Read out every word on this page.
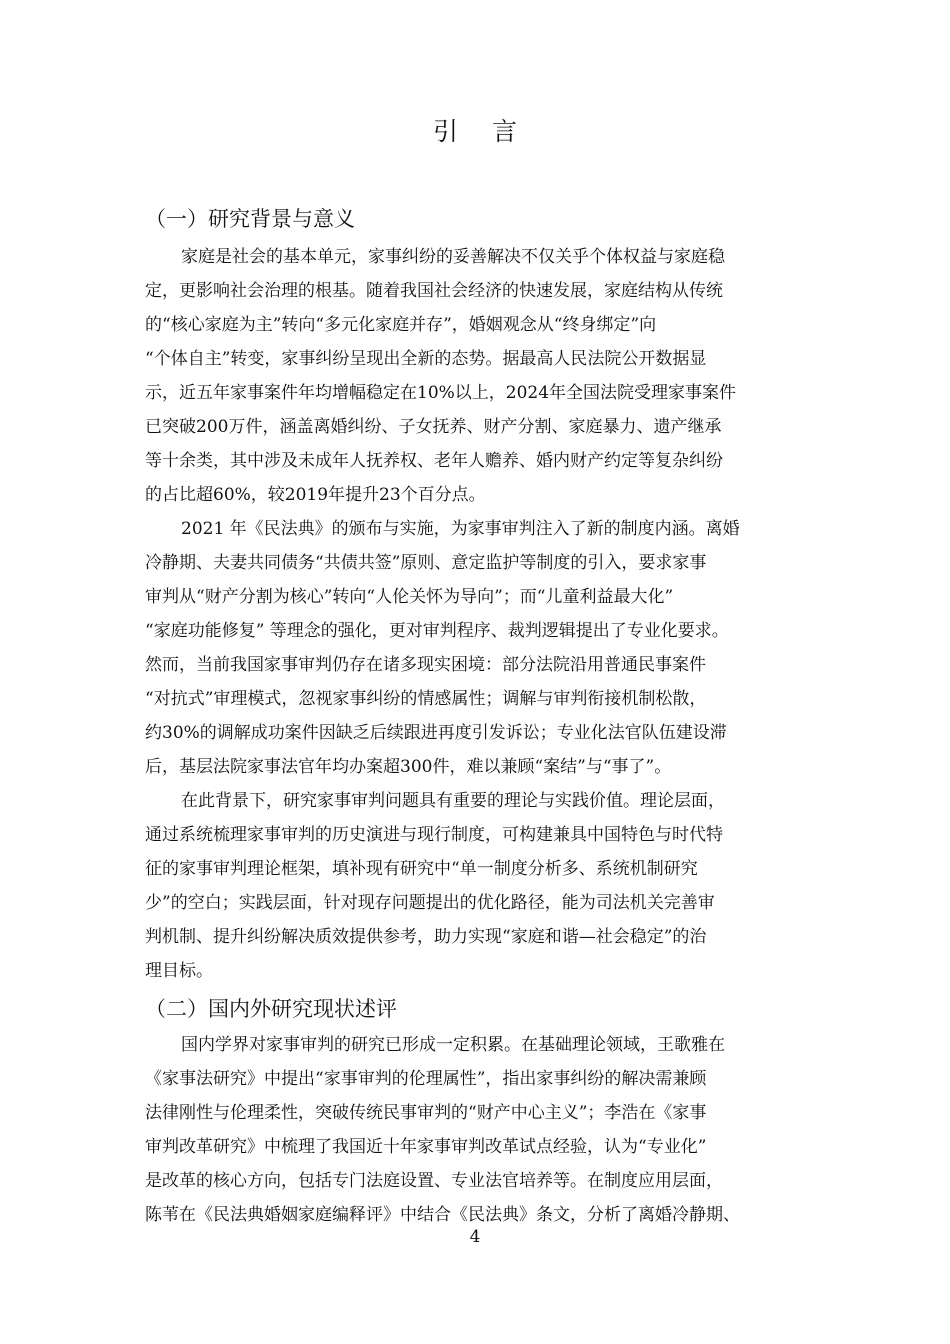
引言
（一）研究背景与意义
家庭是社会的基本单元，家事纠纷的妥善解决不仅关乎个体权益与家庭稳
定，更影响社会治理的根基。随着我国社会经济的快速发展，家庭结构从传统
的“核心家庭为主”转向“多元化家庭并存”，婚姻观念从“终身绑定”向
“个体自主”转变，家事纠纷呈现出全新的态势。据最高人民法院公开数据显
示，近五年家事案件年均增幅稳定在10%以上，2024年全国法院受理家事案件
已突破200万件，涵盖离婚纠纷、子女抚养、财产分割、家庭暴力、遗产继承
等十余类，其中涉及未成年人抚养权、老年人赡养、婚内财产约定等复杂纠纷
的占比超60%，较2019年提升23个百分点。
2021 年《民法典》的颁布与实施，为家事审判注入了新的制度内涵。离婚
冷静期、夫妻共同债务“共债共签”原则、意定监护等制度的引入，要求家事
审判从“财产分割为核心”转向“人伦关怀为导向”；而“儿童利益最大化”
“家庭功能修复” 等理念的强化，更对审判程序、裁判逻辑提出了专业化要求。
然而，当前我国家事审判仍存在诸多现实困境：部分法院沿用普通民事案件
“对抗式”审理模式，忽视家事纠纷的情感属性；调解与审判衔接机制松散，
约30%的调解成功案件因缺乏后续跟进再度引发诉讼；专业化法官队伍建设滞
后，基层法院家事法官年均办案超300件，难以兼顾“案结”与“事了”。
在此背景下，研究家事审判问题具有重要的理论与实践价值。理论层面，
通过系统梳理家事审判的历史演进与现行制度，可构建兼具中国特色与时代特
征的家事审判理论框架，填补现有研究中“单一制度分析多、系统机制研究
少”的空白；实践层面，针对现存问题提出的优化路径，能为司法机关完善审
判机制、提升纠纷解决质效提供参考，助力实现“家庭和谐—社会稳定”的治
理目标。
（二）国内外研究现状述评
国内学界对家事审判的研究已形成一定积累。在基础理论领域，王歌雅在
《家事法研究》中提出“家事审判的伦理属性”，指出家事纠纷的解决需兼顾
法律刚性与伦理柔性，突破传统民事审判的“财产中心主义”；李浩在《家事
审判改革研究》中梳理了我国近十年家事审判改革试点经验，认为“专业化”
是改革的核心方向，包括专门法庭设置、专业法官培养等。在制度应用层面，
陈苇在《民法典婚姻家庭编释评》中结合《民法典》条文，分析了离婚冷静期、
4
